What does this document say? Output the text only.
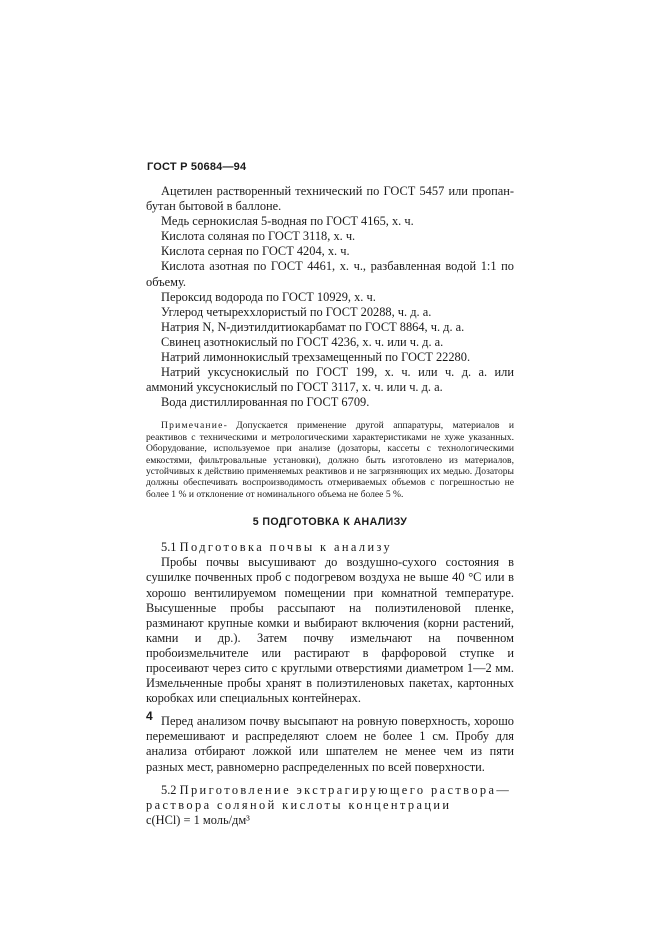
ГОСТ Р 50684—94

Ацетилен растворенный технический по ГОСТ 5457 или пропан-бутан бытовой в баллоне.

Медь сернокислая 5-водная по ГОСТ 4165, х. ч.

Кислота соляная по ГОСТ 3118, х. ч.

Кислота серная по ГОСТ 4204, х. ч.

Кислота азотная по ГОСТ 4461, х. ч., разбавленная водой 1:1 по объему.

Пероксид водорода по ГОСТ 10929, х. ч.

Углерод четыреххлористый по ГОСТ 20288, ч. д. а.

Натрия N, N-диэтилдитиокарбамат по ГОСТ 8864, ч. д. а.

Свинец азотнокислый по ГОСТ 4236, х. ч. или ч. д. а.

Натрий лимоннокислый трехзамещенный по ГОСТ 22280.

Натрий уксуснокислый по ГОСТ 199, х. ч. или ч. д. а. или аммоний уксуснокислый по ГОСТ 3117, х. ч. или ч. д. а.

Вода дистиллированная по ГОСТ 6709.

Примечание- Допускается применение другой аппаратуры, материалов и реактивов с техническими и метрологическими характеристиками не хуже указанных. Оборудование, используемое при анализе (дозаторы, кассеты с технологическими емкостями, фильтровальные установки), должно быть изготовлено из материалов, устойчивых к действию применяемых реактивов и не загрязняющих их медью. Дозаторы должны обеспечивать воспроизводимость отмериваемых объемов с погрешностью не более 1 % и отклонение от номинального объема не более 5 %.

5 ПОДГОТОВКА К АНАЛИЗУ

5.1 Подготовка почвы к анализу

Пробы почвы высушивают до воздушно-сухого состояния в сушилке почвенных проб с подогревом воздуха не выше 40 °С или в хорошо вентилируемом помещении при комнатной температуре. Высушенные пробы рассыпают на полиэтиленовой пленке, разминают крупные комки и выбирают включения (корни растений, камни и др.). Затем почву измельчают на почвенном пробоизмельчителе или растирают в фарфоровой ступке и просеивают через сито с круглыми отверстиями диаметром 1—2 мм. Измельченные пробы хранят в полиэтиленовых пакетах, картонных коробках или специальных контейнерах.

Перед анализом почву высыпают на ровную поверхность, хорошо перемешивают и распределяют слоем не более 1 см. Пробу для анализа отбирают ложкой или шпателем не менее чем из пяти разных мест, равномерно распределенных по всей поверхности.

5.2 Приготовление экстрагирующего раствора—раствора соляной кислоты концентрации

c(HCl) = 1 моль/дм³

4
